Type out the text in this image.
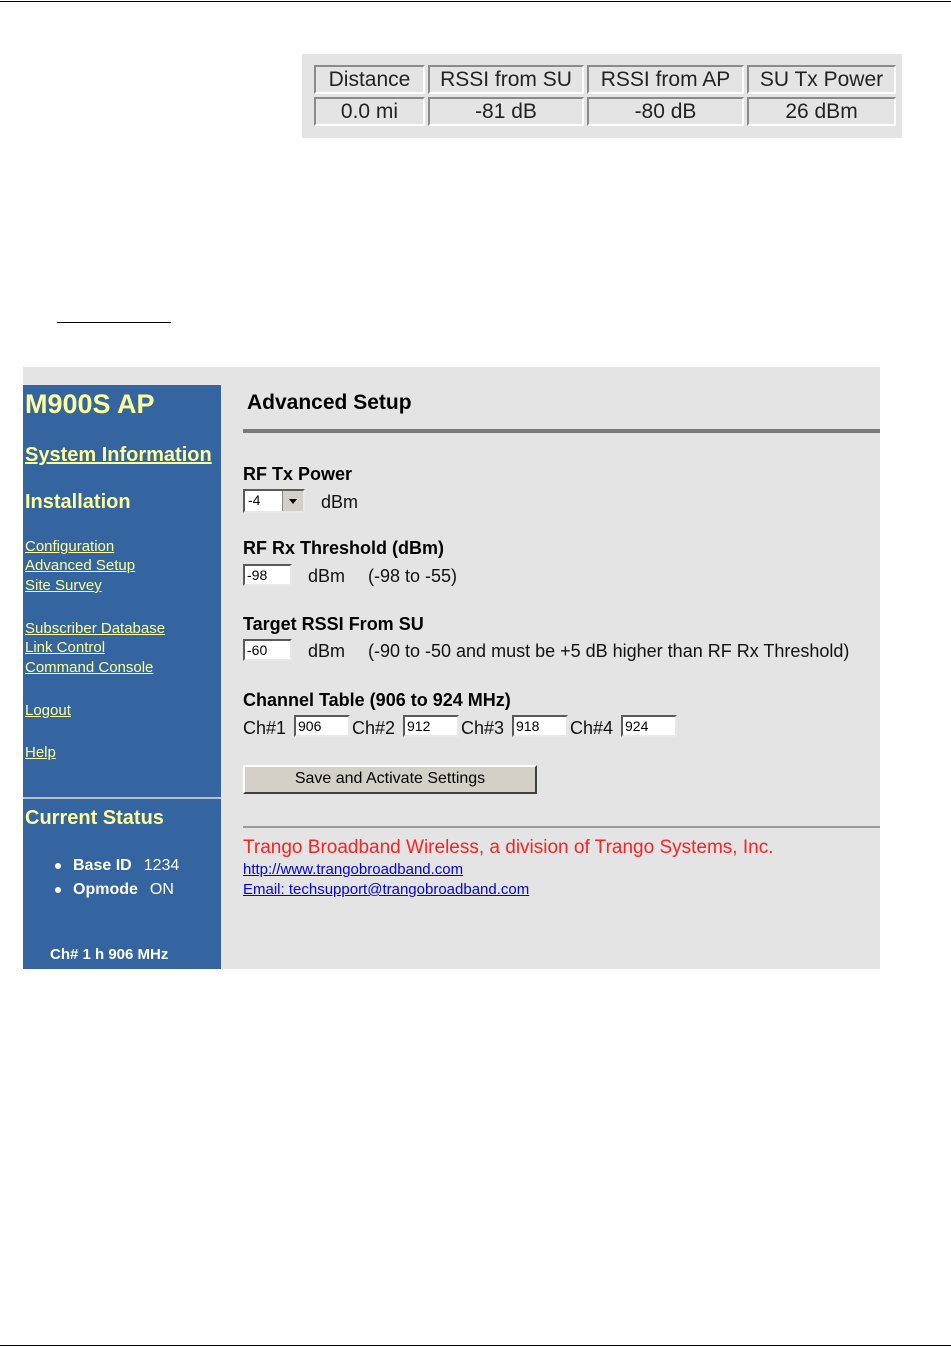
Distance	RSSI from SU	RSSI from AP	SU Tx Power
0.0 mi	-81 dB	-80 dB	26 dBm
M900S AP
System Information
Installation
Configuration
Advanced Setup
Site Survey
Subscriber Database
Link Control
Command Console
Logout
Help
Current Status
Base ID 1234
Opmode ON
Ch# 1 h 906 MHz
Advanced Setup
RF Tx Power
-4	dBm
RF Rx Threshold (dBm)
-98
dBm (-98 to -55)
Target RSSI From SU
-60
dBm (-90 to -50 and must be +5 dB higher than RF Rx Threshold)
Channel Table (906 to 924 MHz)
Ch#1
906	Ch#2
912	Ch#3
918	Ch#4
924
Save and Activate Settings
Trango Broadband Wireless, a division of Trango Systems, Inc.
http://www.trangobroadband.com
Email: techsupport@trangobroadband.com
